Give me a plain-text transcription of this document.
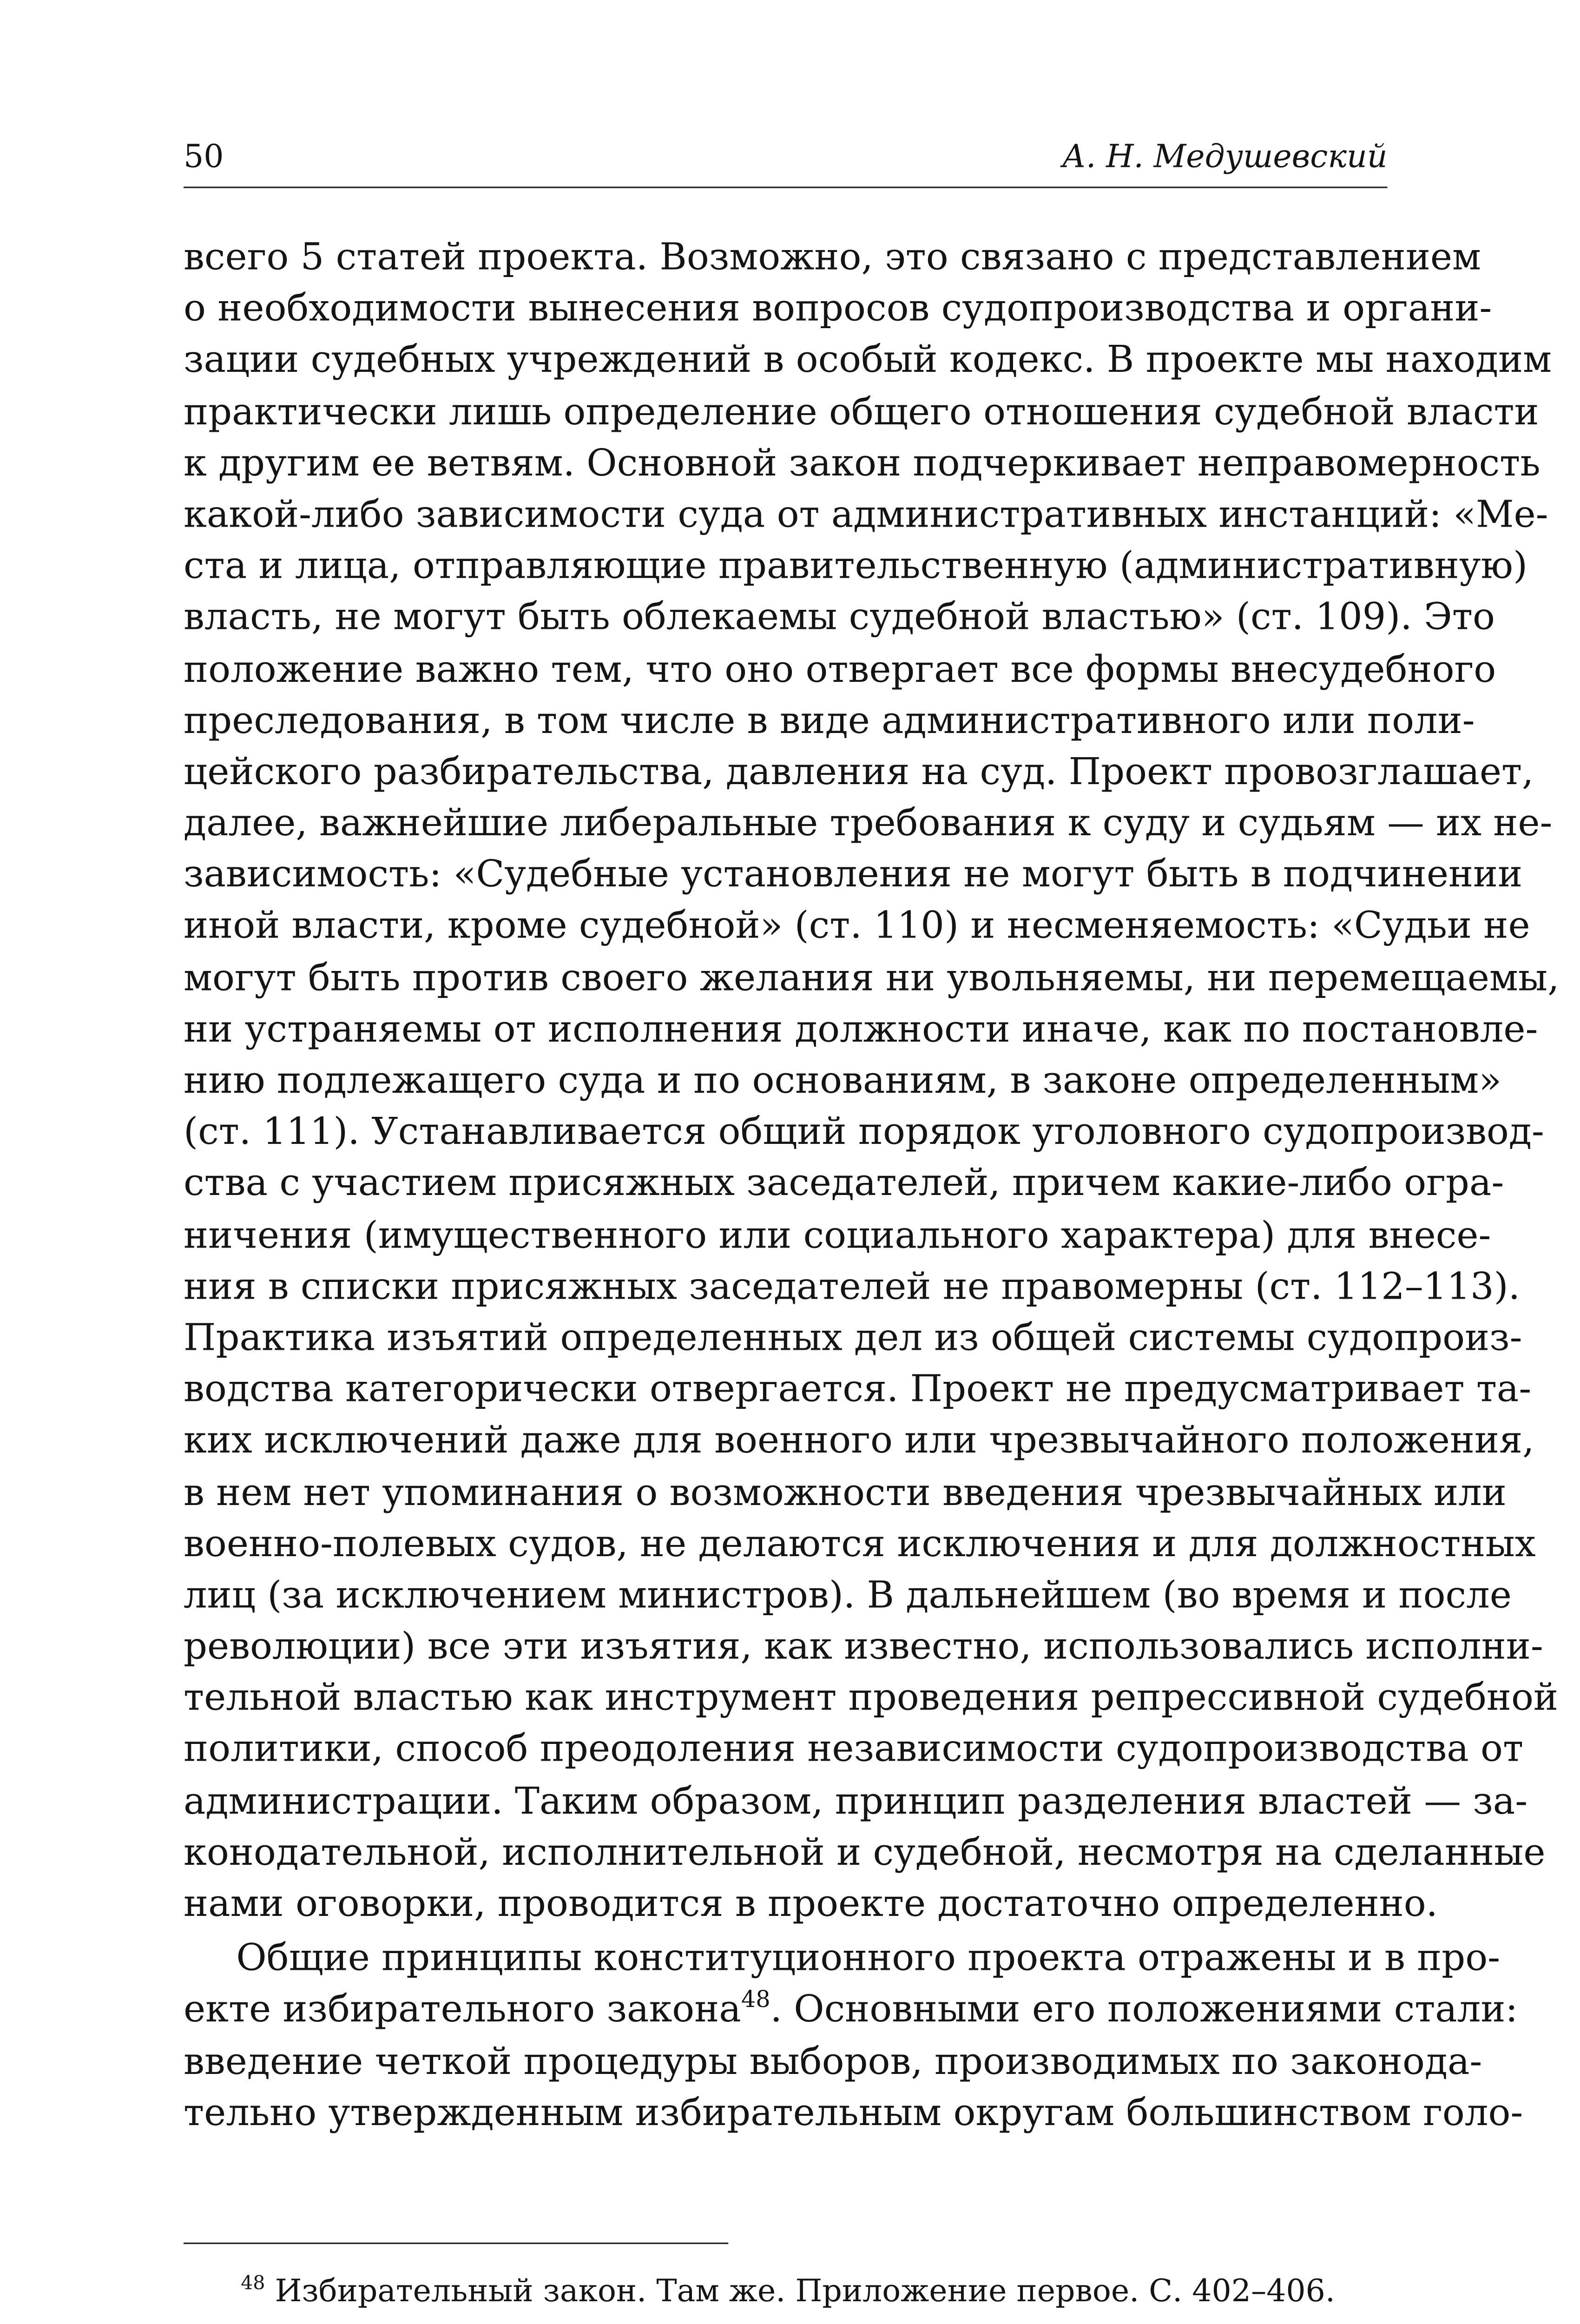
50	А. Н. Медушевский
всего 5 статей проекта. Возможно, это связано с представлением
о необходимости вынесения вопросов судопроизводства и органи-
зации судебных учреждений в особый кодекс. В проекте мы находим
практически лишь определение общего отношения судебной власти
к другим ее ветвям. Основной закон подчеркивает неправомерность
какой-либо зависимости суда от административных инстанций: «Ме-
ста и лица, отправляющие правительственную (административную)
власть, не могут быть облекаемы судебной властью» (ст. 109). Это
положение важно тем, что оно отвергает все формы внесудебного
преследования, в том числе в виде административного или поли-
цейского разбирательства, давления на суд. Проект провозглашает,
далее, важнейшие либеральные требования к суду и судьям — их не-
зависимость: «Судебные установления не могут быть в подчинении
иной власти, кроме судебной» (ст. 110) и несменяемость: «Судьи не
могут быть против своего желания ни увольняемы, ни перемещаемы,
ни устраняемы от исполнения должности иначе, как по постановле-
нию подлежащего суда и по основаниям, в законе определенным»
(ст. 111). Устанавливается общий порядок уголовного судопроизвод-
ства с участием присяжных заседателей, причем какие-либо огра-
ничения (имущественного или социального характера) для внесе-
ния в списки присяжных заседателей не правомерны (ст. 112–113).
Практика изъятий определенных дел из общей системы судопроиз-
водства категорически отвергается. Проект не предусматривает та-
ких исключений даже для военного или чрезвычайного положения,
в нем нет упоминания о возможности введения чрезвычайных или
военно-полевых судов, не делаются исключения и для должностных
лиц (за исключением министров). В дальнейшем (во время и после
революции) все эти изъятия, как известно, использовались исполни-
тельной властью как инструмент проведения репрессивной судебной
политики, способ преодоления независимости судопроизводства от
администрации. Таким образом, принцип разделения властей — за-
конодательной, исполнительной и судебной, несмотря на сделанные
нами оговорки, проводится в проекте достаточно определенно.
Общие принципы конституционного проекта отражены и в про-
екте избирательного закона$^{48}$. Основными его положениями стали:
введение четкой процедуры выборов, производимых по законода-
тельно утвержденным избирательным округам большинством голо-
$^{48}$ Избирательный закон. Там же. Приложение первое. С. 402–406.
